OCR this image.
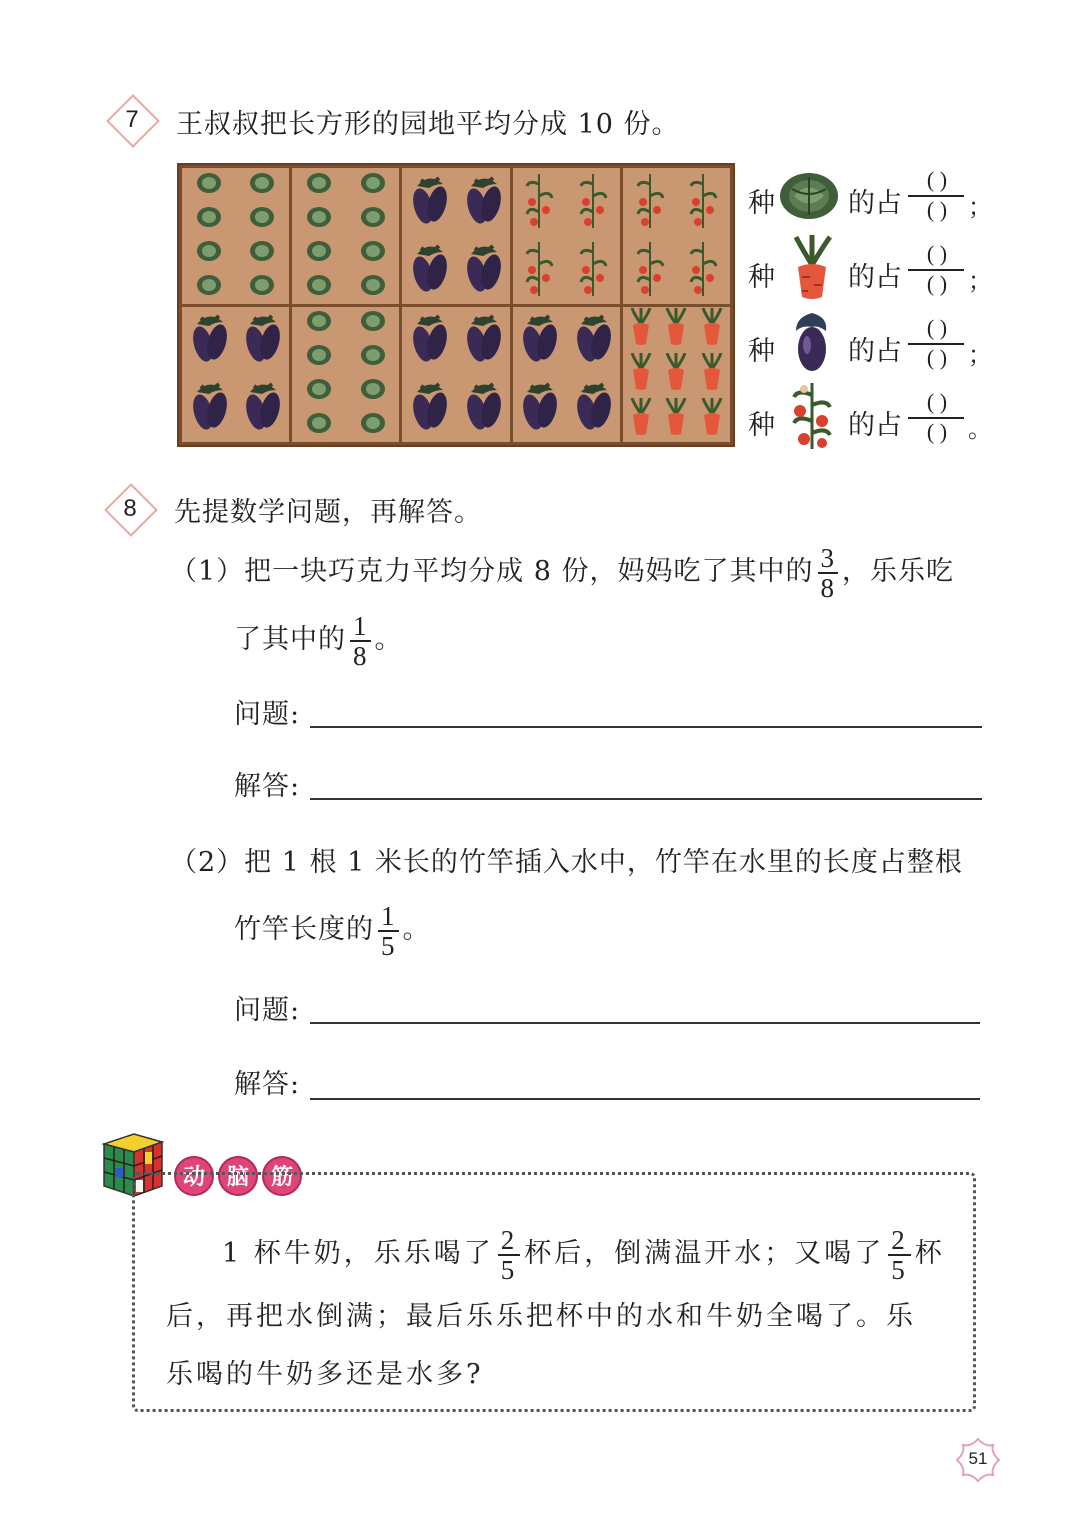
7	王叔叔把长方形的园地平均分成 10 份。
种	的占
( )
( ) ；
种	的占
( )
( ) ；
种	的占
( )
( ) ；
种	的占
( )
( ) 。
8	先提数学问题，再解答。
（1）把一块巧克力平均分成 8 份，妈妈吃了其中的 $\frac{3}{8}$ ，乐乐吃
了其中的 $\frac{1}{8}$ 。
问题:
解答:
（2）把 1 根 1 米长的竹竿插入水中，竹竿在水里的长度占整根
竹竿长度的 $\frac{1}{5}$ 。
问题:
解答:
动 脑 筋
1 杯牛奶，乐乐喝了 $\frac{2}{5}$ 杯后，倒满温开水；又喝了 $\frac{2}{5}$ 杯
后，再把水倒满；最后乐乐把杯中的水和牛奶全喝了。乐
乐喝的牛奶多还是水多?
51
